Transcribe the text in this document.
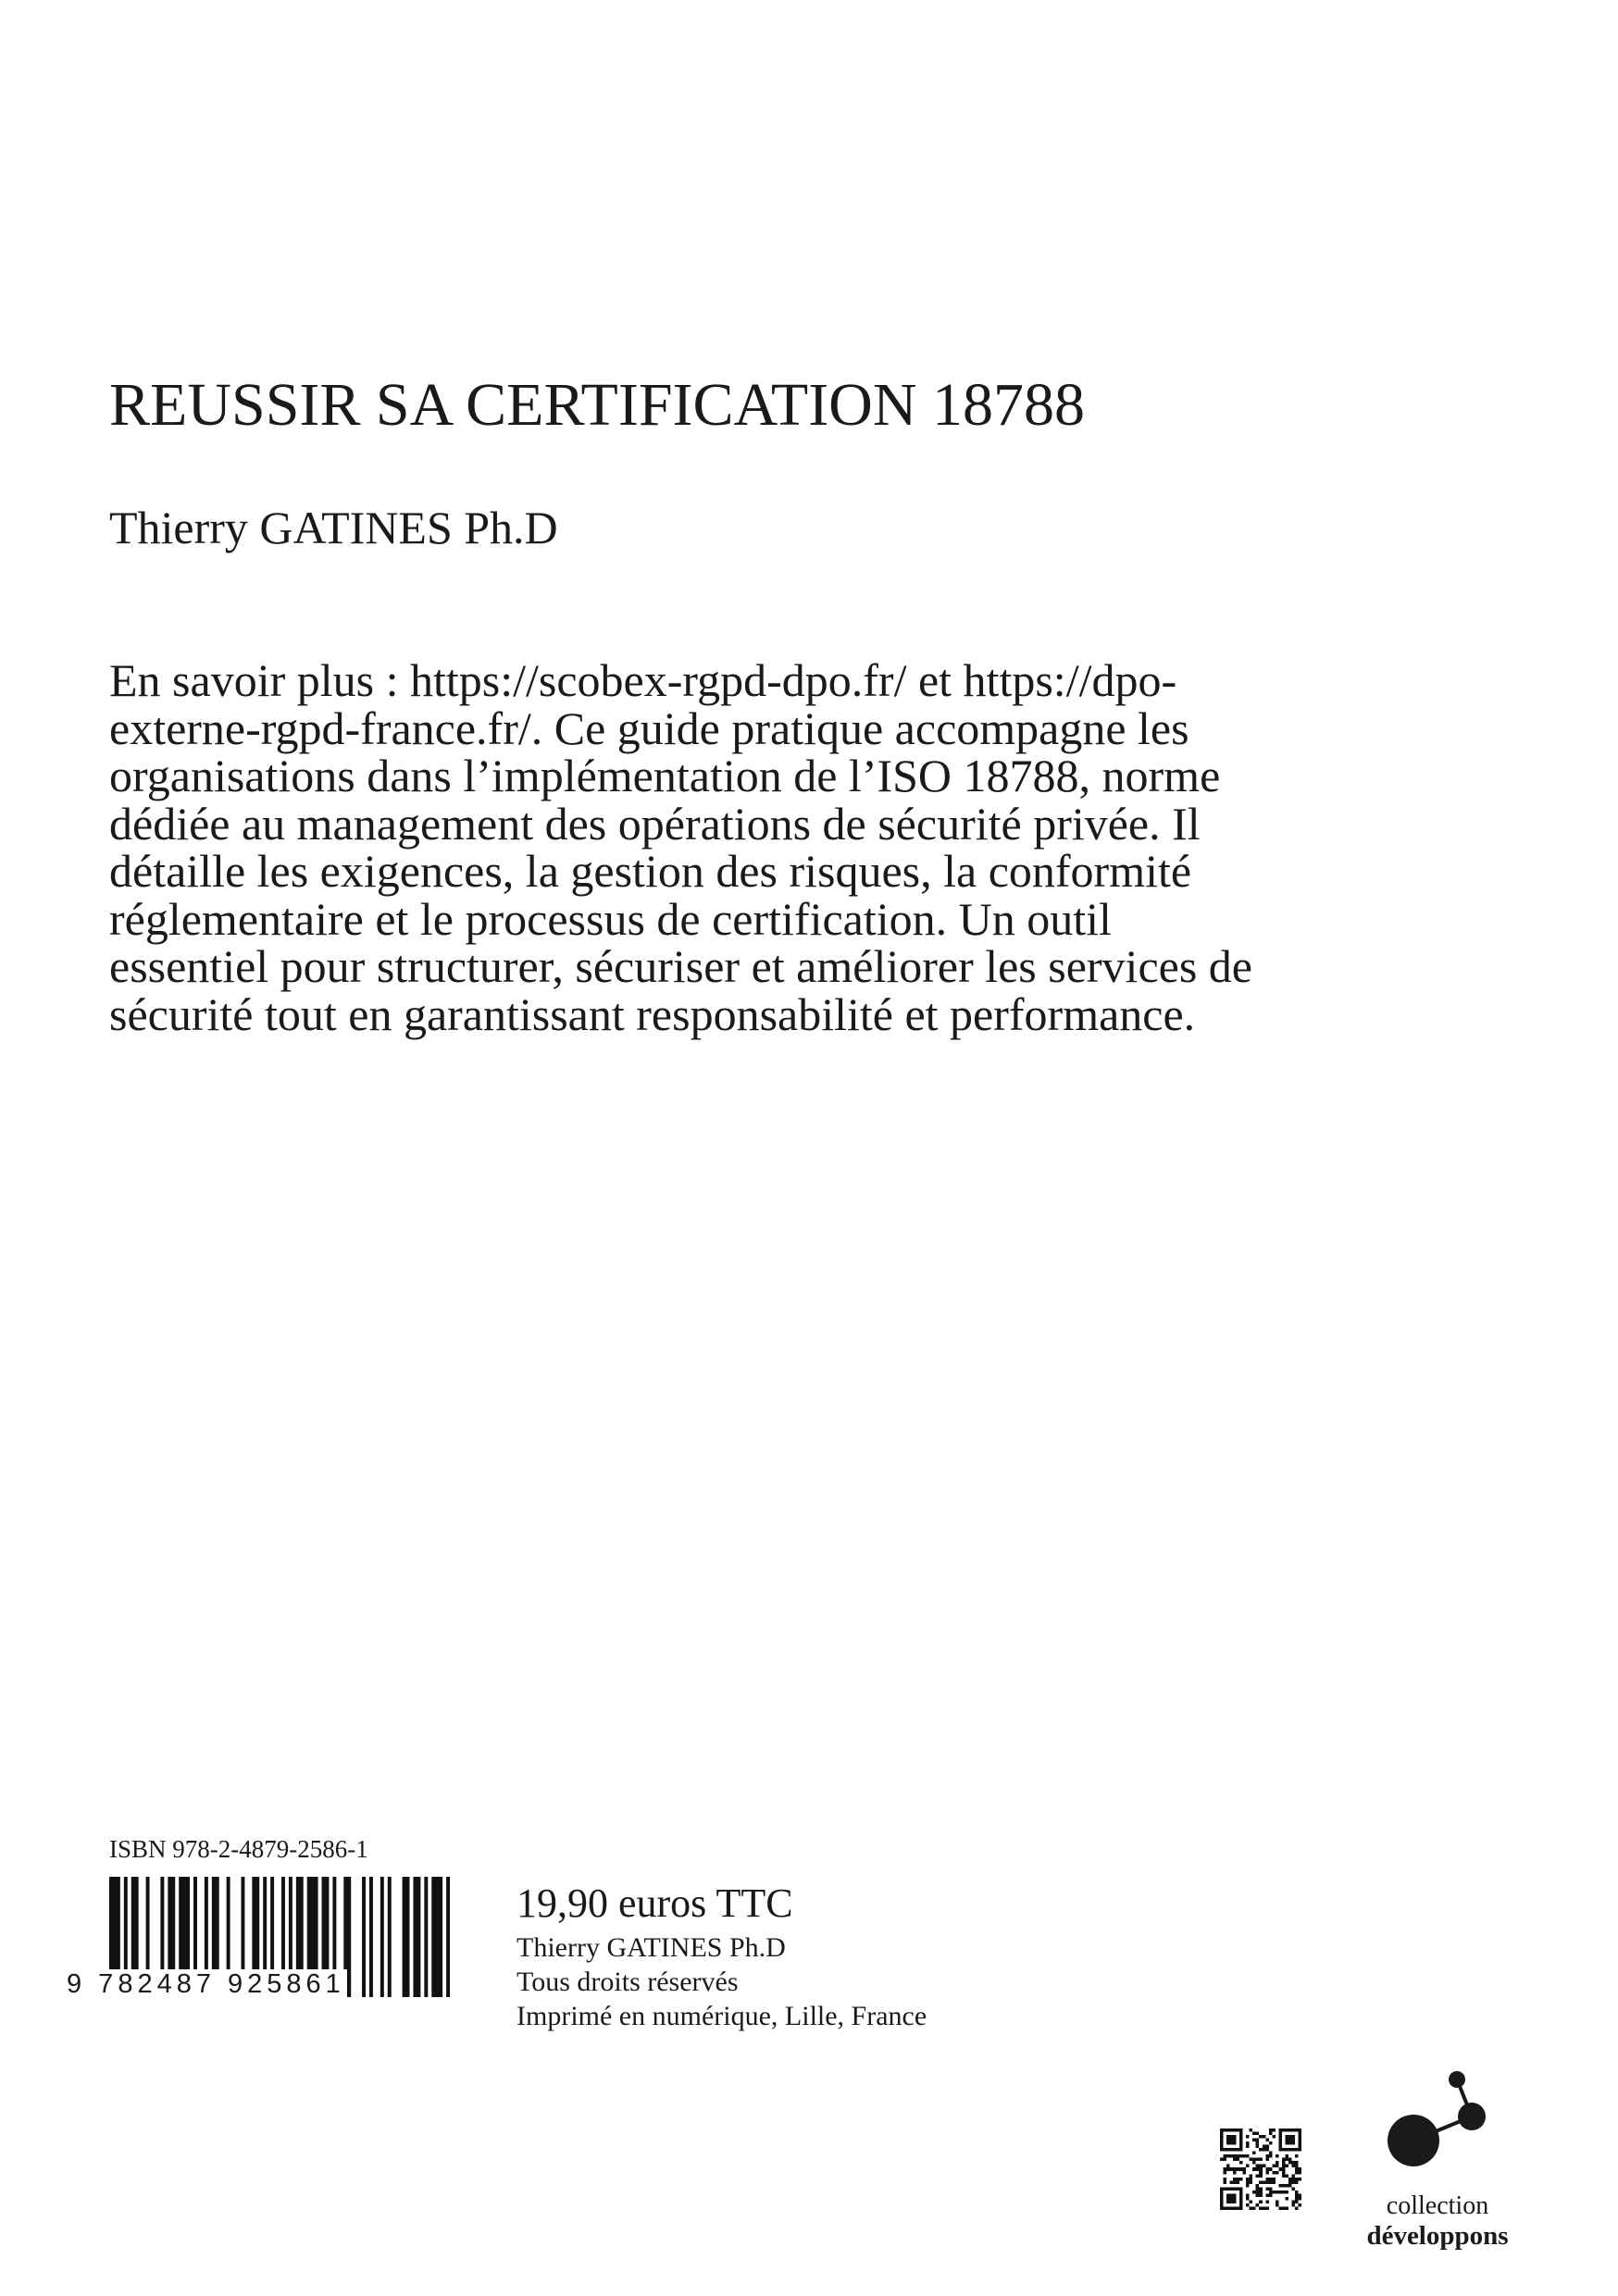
REUSSIR SA CERTIFICATION 18788
Thierry GATINES Ph.D
En savoir plus : https://scobex-rgpd-dpo.fr/ et https://dpo-externe-rgpd-france.fr/. Ce guide pratique accompagne les organisations dans l’implémentation de l’ISO 18788, norme dédiée au management des opérations de sécurité privée. Il détaille les exigences, la gestion des risques, la conformité réglementaire et le processus de certification. Un outil essentiel pour structurer, sécuriser et améliorer les services de sécurité tout en garantissant responsabilité et performance.
ISBN 978-2-4879-2586-1
9 782487 925861
19,90 euros TTC
Thierry GATINES Ph.D
Tous droits réservés
Imprimé en numérique, Lille, France
collection
développons
